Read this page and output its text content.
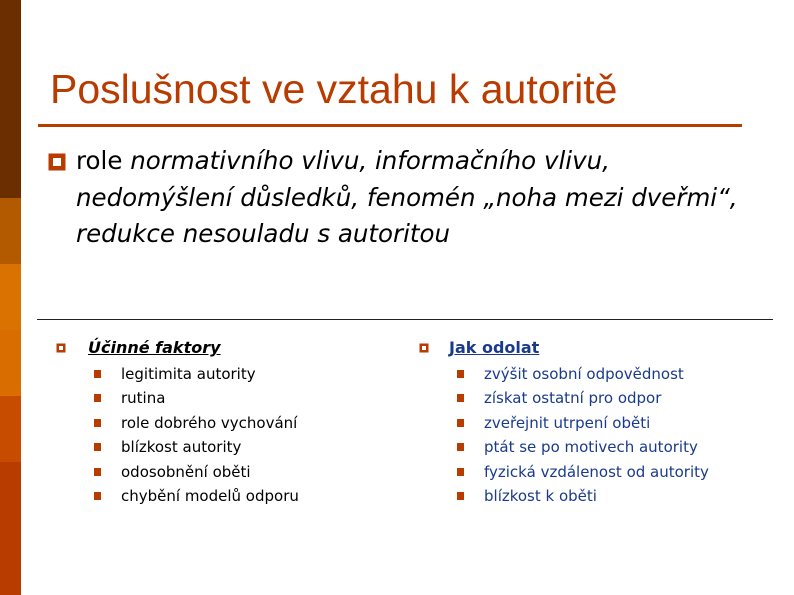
Poslušnost ve vztahu k autoritě

role normativního vlivu, informačního vlivu, nedomýšlení důsledků, fenomén „noha mezi dveřmi“, redukce nesouladu s autoritou

Účinné faktory
legitimita autority
rutina
role dobrého vychování
blízkost autority
odosobnění oběti
chybění modelů odporu
Jak odolat
zvýšit osobní odpovědnost
získat ostatní pro odpor
zveřejnit utrpení oběti
ptát se po motivech autority
fyzická vzdálenost od autority
blízkost k oběti
